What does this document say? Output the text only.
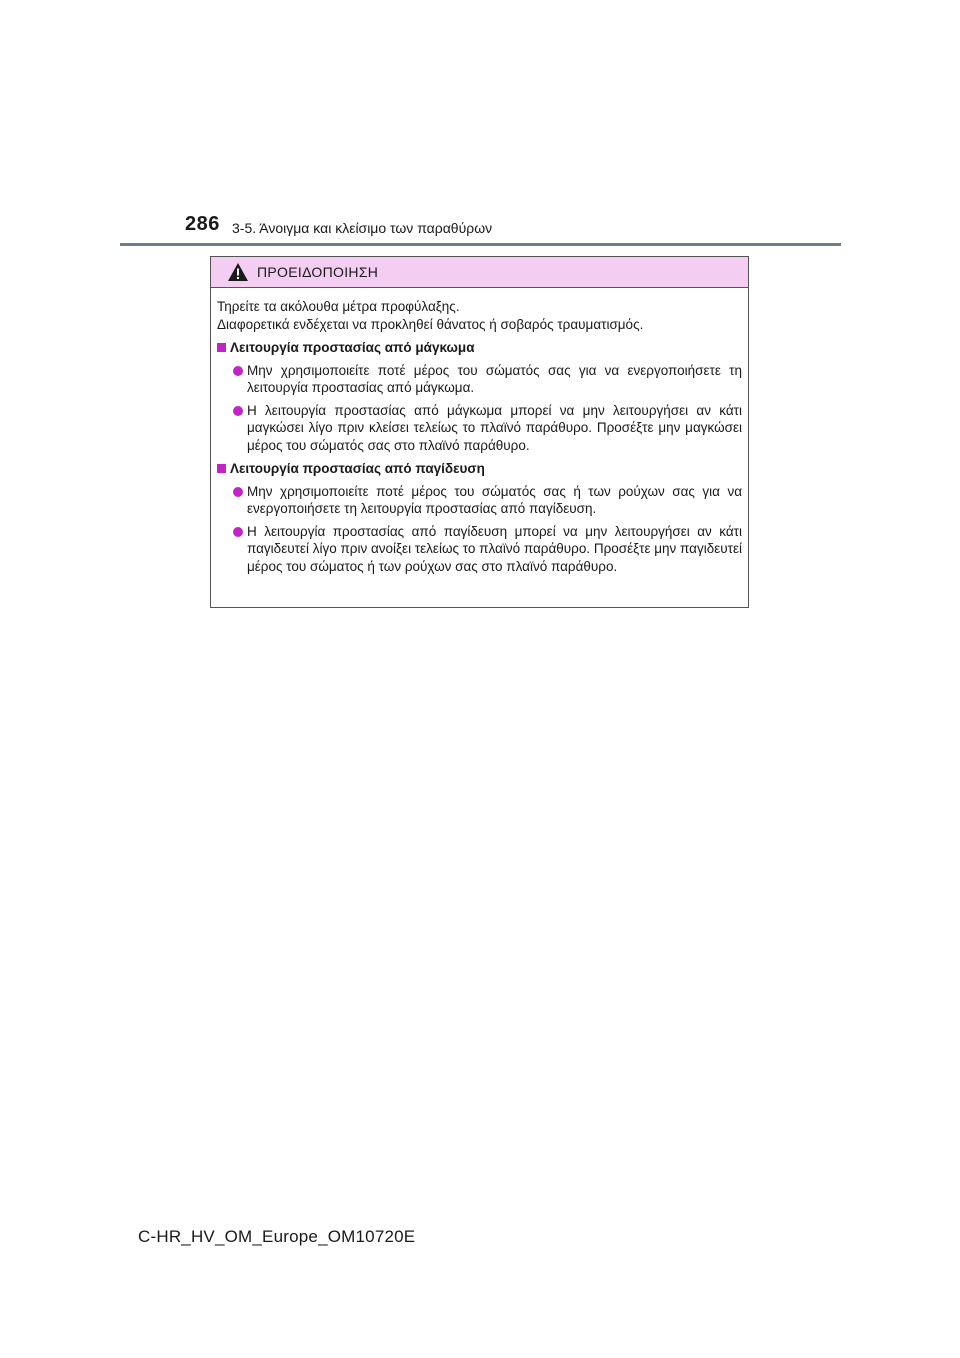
286 3-5. Άνοιγμα και κλείσιμο των παραθύρων
ΠΡΟΕΙΔΟΠΟΙΗΣΗ

Τηρείτε τα ακόλουθα μέτρα προφύλαξης.

Διαφορετικά ενδέχεται να προκληθεί θάνατος ή σοβαρός τραυματισμός.

Λειτουργία προστασίας από μάγκωμα
Μην χρησιμοποιείτε ποτέ μέρος του σώματός σας για να ενεργοποιήσετε τη λειτουργία προστασίας από μάγκωμα.
Η λειτουργία προστασίας από μάγκωμα μπορεί να μην λειτουργήσει αν κάτι μαγκώσει λίγο πριν κλείσει τελείως το πλαϊνό παράθυρο. Προσέξτε μην μαγκώσει μέρος του σώματός σας στο πλαϊνό παράθυρο.
Λειτουργία προστασίας από παγίδευση
Μην χρησιμοποιείτε ποτέ μέρος του σώματός σας ή των ρούχων σας για να ενεργοποιήσετε τη λειτουργία προστασίας από παγίδευση.
Η λειτουργία προστασίας από παγίδευση μπορεί να μην λειτουργήσει αν κάτι παγιδευτεί λίγο πριν ανοίξει τελείως το πλαϊνό παράθυρο. Προσέξτε μην παγιδευτεί μέρος του σώματος ή των ρούχων σας στο πλαϊνό παράθυρο.
C-HR_HV_OM_Europe_OM10720E
